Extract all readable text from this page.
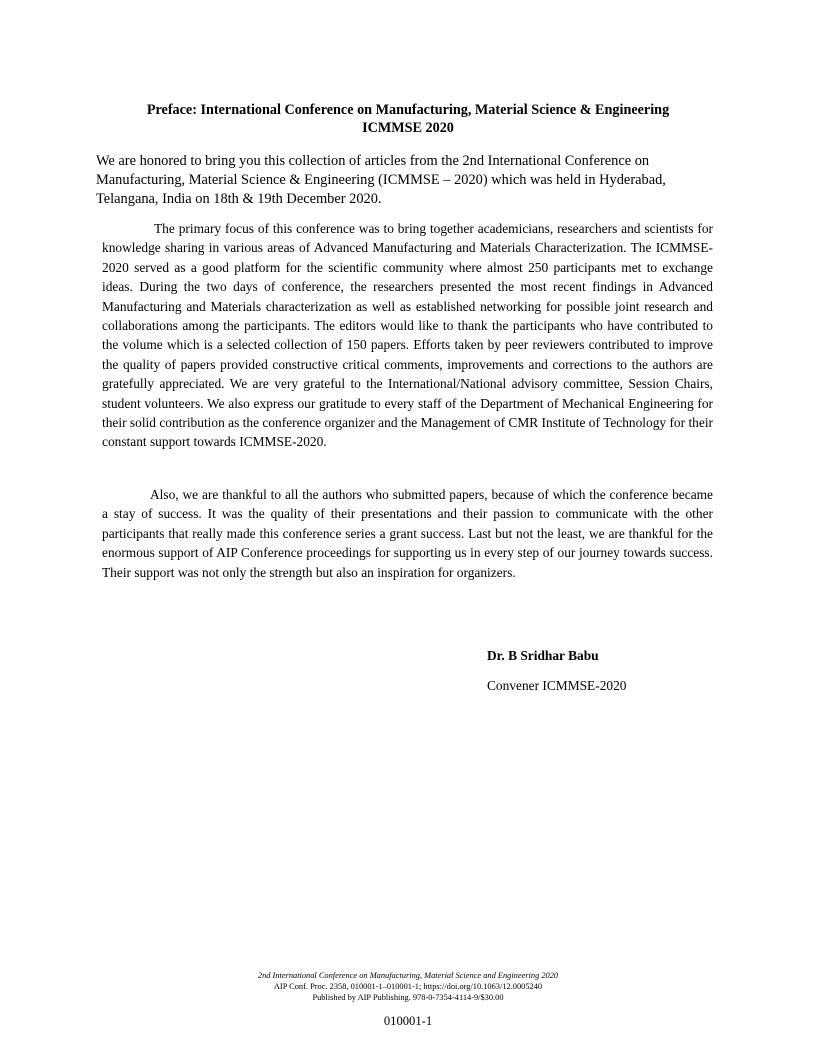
Preface: International Conference on Manufacturing, Material Science & Engineering
ICMMSE 2020

We are honored to bring you this collection of articles from the 2nd International Conference on Manufacturing, Material Science & Engineering (ICMMSE – 2020) which was held in Hyderabad, Telangana, India on 18th & 19th December 2020.

The primary focus of this conference was to bring together academicians, researchers and scientists for knowledge sharing in various areas of Advanced Manufacturing and Materials Characterization. The ICMMSE-2020 served as a good platform for the scientific community where almost 250 participants met to exchange ideas. During the two days of conference, the researchers presented the most recent findings in Advanced Manufacturing and Materials characterization as well as established networking for possible joint research and collaborations among the participants. The editors would like to thank the participants who have contributed to the volume which is a selected collection of 150 papers. Efforts taken by peer reviewers contributed to improve the quality of papers provided constructive critical comments, improvements and corrections to the authors are gratefully appreciated. We are very grateful to the International/National advisory committee, Session Chairs, student volunteers. We also express our gratitude to every staff of the Department of Mechanical Engineering for their solid contribution as the conference organizer and the Management of CMR Institute of Technology for their constant support towards ICMMSE-2020.

Also, we are thankful to all the authors who submitted papers, because of which the conference became a stay of success. It was the quality of their presentations and their passion to communicate with the other participants that really made this conference series a grant success. Last but not the least, we are thankful for the enormous support of AIP Conference proceedings for supporting us in every step of our journey towards success. Their support was not only the strength but also an inspiration for organizers.

Dr. B Sridhar Babu

Convener ICMMSE-2020

2nd International Conference on Manufacturing, Material Science and Engineering 2020
AIP Conf. Proc. 2358, 010001-1–010001-1; https://doi.org/10.1063/12.0005240
Published by AIP Publishing. 978-0-7354-4114-9/$30.00
010001-1
